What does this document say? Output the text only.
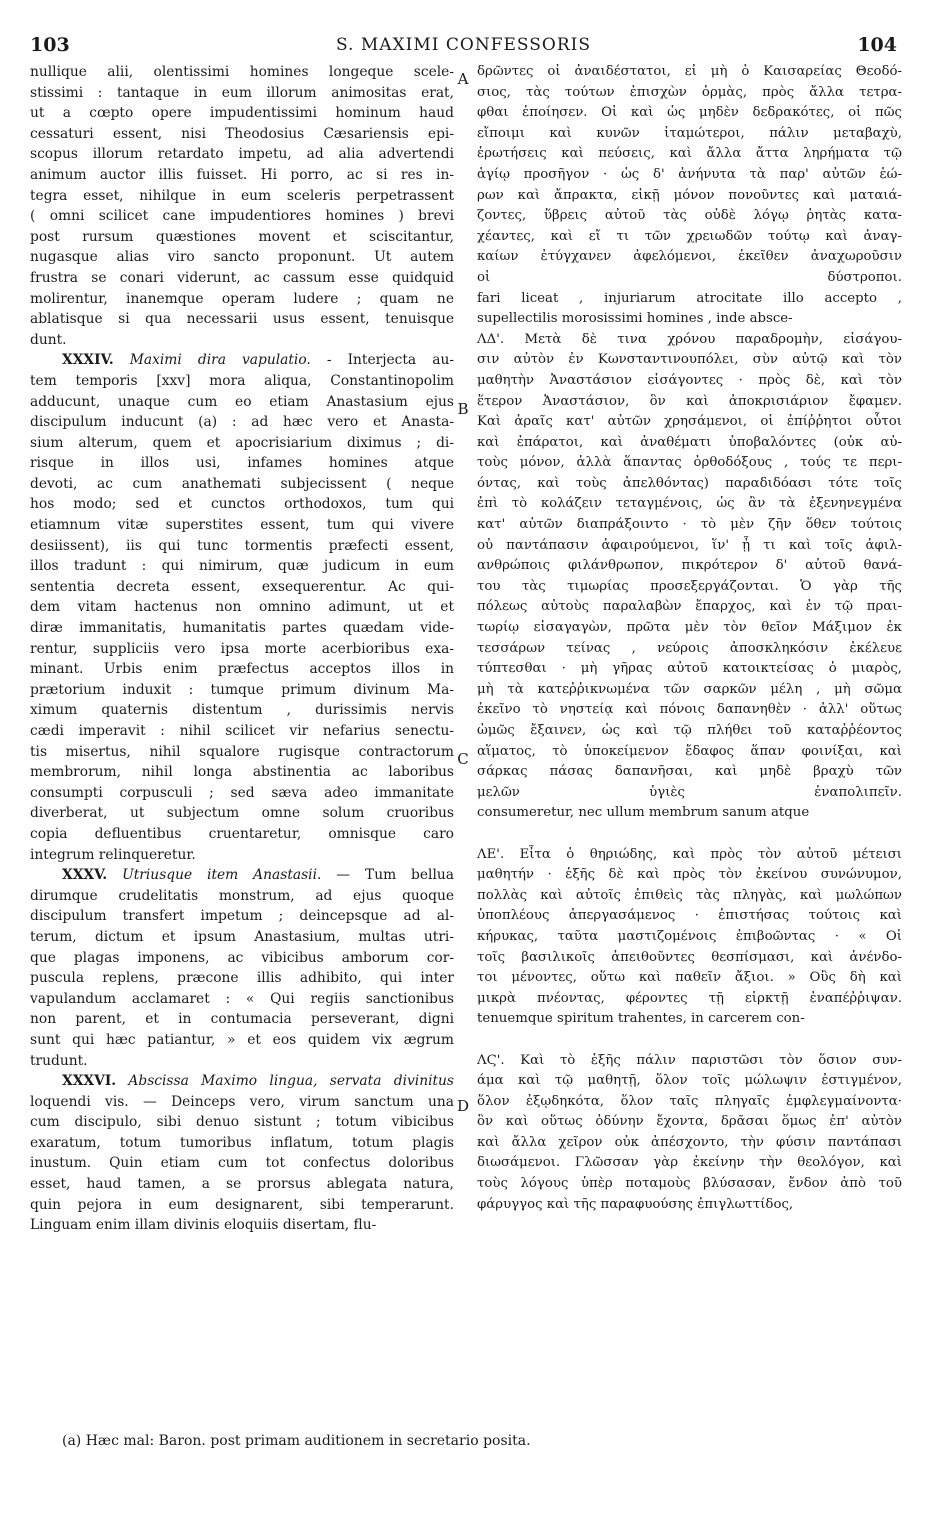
103	S. MAXIMI CONFESSORIS	104
A
B
C
D
nullique alii, olentissimi homines longeque scele-
stissimi : tantaque in eum illorum animositas erat,
ut a cœpto opere impudentissimi hominum haud
cessaturi essent, nisi Theodosius Cæsariensis epi-
scopus illorum retardato impetu, ad alia advertendi
animum auctor illis fuisset. Hi porro, ac si res in-
tegra esset, nihilque in eum sceleris perpetrassent
( omni scilicet cane impudentiores homines ) brevi
post rursum quæstiones movent et sciscitantur,
nugasque alias viro sancto proponunt. Ut autem
frustra se conari viderunt, ac cassum esse quidquid
molirentur, inanemque operam ludere ; quam ne
ablatisque si qua necessarii usus essent, tenuisque
dunt.
XXXIV. Maximi dira vapulatio. - Interjecta au-
tem temporis [xxv] mora aliqua, Constantinopolim
adducunt, unaque cum eo etiam Anastasium ejus
discipulum inducunt (a) : ad hæc vero et Anasta-
sium alterum, quem et apocrisiarium diximus ; di-
risque in illos usi, infames homines atque
devoti, ac cum anathemati subjecissent ( neque
hos modo; sed et cunctos orthodoxos, tum qui
etiamnum vitæ superstites essent, tum qui vivere
desiissent), iis qui tunc tormentis præfecti essent,
illos tradunt : qui nimirum, quæ judicum in eum
sententia decreta essent, exsequerentur. Ac qui-
dem vitam hactenus non omnino adimunt, ut et
diræ immanitatis, humanitatis partes quædam vide-
rentur, suppliciis vero ipsa morte acerbioribus exa-
minant. Urbis enim præfectus acceptos illos in
prætorium induxit : tumque primum divinum Ma-
ximum quaternis distentum , durissimis nervis
cædi imperavit : nihil scilicet vir nefarius senectu-
tis misertus, nihil squalore rugisque contractorum
membrorum, nihil longa abstinentia ac laboribus
consumpti corpusculi ; sed sæva adeo immanitate
diverberat, ut subjectum omne solum cruoribus
copia defluentibus cruentaretur, omnisque caro
integrum relinqueretur.
XXXV. Utriusque item Anastasii. — Tum bellua
dirumque crudelitatis monstrum, ad ejus quoque
discipulum transfert impetum ; deincepsque ad al-
terum, dictum et ipsum Anastasium, multas utri-
que plagas imponens, ac vibicibus amborum cor-
puscula replens, præcone illis adhibito, qui inter
vapulandum acclamaret : « Qui regiis sanctionibus
non parent, et in contumacia perseverant, digni
sunt qui hæc patiantur, » et eos quidem vix ægrum
trudunt.
XXXVI. Abscissa Maximo lingua, servata divinitus
loquendi vis. — Deinceps vero, virum sanctum una
cum discipulo, sibi denuo sistunt ; totum vibicibus
exaratum, totum tumoribus inflatum, totum plagis
inustum. Quin etiam cum tot confectus doloribus
esset, haud tamen, a se prorsus ablegata natura,
quin pejora in eum designarent, sibi temperarunt.
Linguam enim illam divinis eloquiis disertam, flu-
δρῶντες οἱ ἀναιδέστατοι, εἰ μὴ ὁ Καισαρείας Θεοδό-
σιος, τὰς τούτων ἐπισχὼν ὁρμὰς, πρὸς ἄλλα τετρα-
φθαι ἐποίησεν. Οἱ καὶ ὡς μηδὲν δεδρακότες, οἱ πῶς
εἴποιμι καὶ κυνῶν ἰταμώτεροι, πάλιν μεταβαχὺ,
ἐρωτήσεις καὶ πεύσεις, καὶ ἄλλα ἄττα ληρήματα τῷ
ἁγίῳ προσῆγον · ὡς δ' ἀνήνυτα τὰ παρ' αὐτῶν ἑώ-
ρων καὶ ἄπρακτα, εἰκῇ μόνον πονοῦντες καὶ ματαιά-
ζοντες, ὕβρεις αὐτοῦ τὰς οὐδὲ λόγῳ ῥητὰς κατα-
χέαντες, καὶ εἴ τι τῶν χρειωδῶν τούτῳ καὶ ἀναγ-
καίων ἐτύγχανεν ἀφελόμενοι, ἐκεῖθεν ἀναχωροῦσιν
οἱ δύστροποι.
fari liceat , injuriarum atrocitate illo accepto ,
supellectilis morosissimi homines , inde absce-
ΛΔ'. Μετὰ δὲ τινα χρόνου παραδρομὴν, εἰσάγου-
σιν αὐτὸν ἐν Κωνσταντινουπόλει, σὺν αὐτῷ καὶ τὸν
μαθητὴν Ἀναστάσιον εἰσάγοντες · πρὸς δὲ, καὶ τὸν
ἕτερον Ἀναστάσιον, ὃν καὶ ἀποκρισιάριον ἔφαμεν.
Καὶ ἀραῖς κατ' αὐτῶν χρησάμενοι, οἱ ἐπίῤῥητοι οὗτοι
καὶ ἐπάρατοι, καὶ ἀναθέματι ὑποβαλόντες (οὐκ αὐ-
τοὺς μόνον, ἀλλὰ ἅπαντας ὀρθοδόξους , τούς τε περι-
όντας, καὶ τοὺς ἀπελθόντας) παραδιδόασι τότε τοῖς
ἐπὶ τὸ κολάζειν τεταγμένοις, ὡς ἂν τὰ ἐξενηνεγμένα
κατ' αὐτῶν διαπράξοιντο · τὸ μὲν ζῆν ὅθεν τούτοις
οὐ παντάπασιν ἀφαιρούμενοι, ἵν' ᾖ τι καὶ τοῖς ἀφιλ-
ανθρώποις φιλάνθρωπον, πικρότερον δ' αὐτοῦ θανά-
του τὰς τιμωρίας προσεξεργάζονται. Ὁ γὰρ τῆς
πόλεως αὐτοὺς παραλαβὼν ἔπαρχος, καὶ ἐν τῷ πραι-
τωρίῳ εἰσαγαγὼν, πρῶτα μὲν τὸν θεῖον Μάξιμον ἐκ
τεσσάρων τείνας , νεύροις ἀποσκληκόσιν ἐκέλευε
τύπτεσθαι · μὴ γῆρας αὐτοῦ κατοικτείσας ὁ μιαρὸς,
μὴ τὰ κατεῤῥικνωμένα τῶν σαρκῶν μέλη , μὴ σῶμα
ἐκεῖνο τὸ νηστείᾳ καὶ πόνοις δαπανηθὲν · ἀλλ' οὕτως
ὠμῶς ἔξαινεν, ὡς καὶ τῷ πλήθει τοῦ καταῤῥέοντος
αἵματος, τὸ ὑποκείμενον ἔδαφος ἅπαν φοινίξαι, καὶ
σάρκας πάσας δαπανῆσαι, καὶ μηδὲ βραχὺ τῶν
μελῶν ὑγιὲς ἐναπολιπεῖν.
consumeretur, nec ullum membrum sanum atque
ΛΕ'. Εἶτα ὁ θηριώδης, καὶ πρὸς τὸν αὐτοῦ μέτεισι
μαθητήν · ἑξῆς δὲ καὶ πρὸς τὸν ἐκείνου συνώνυμον,
πολλὰς καὶ αὐτοῖς ἐπιθεὶς τὰς πληγὰς, καὶ μωλώπων
ὑποπλέους ἀπεργασάμενος · ἐπιστήσας τούτοις καὶ
κήρυκας, ταῦτα μαστιζομένοις ἐπιβοῶντας · « Οἱ
τοῖς βασιλικοῖς ἀπειθοῦντες θεσπίσμασι, καὶ ἀνένδο-
τοι μένοντες, οὕτω καὶ παθεῖν ἄξιοι. » Οὓς δὴ καὶ
μικρὰ πνέοντας, φέροντες τῇ εἱρκτῇ ἐναπέῤῥιψαν.
tenuemque spiritum trahentes, in carcerem con-
ΛϚ'. Καὶ τὸ ἑξῆς πάλιν παριστῶσι τὸν ὅσιον συν-
άμα καὶ τῷ μαθητῇ, ὅλον τοῖς μώλωψιν ἐστιγμένον,
ὅλον ἐξῳδηκότα, ὅλον ταῖς πληγαῖς ἐμφλεγμαίνοντα·
ὃν καὶ οὕτως ὀδύνην ἔχοντα, δρᾶσαι ὅμως ἐπ' αὐτὸν
καὶ ἄλλα χεῖρον οὐκ ἀπέσχοντο, τὴν φύσιν παντάπασι
διωσάμενοι. Γλῶσσαν γὰρ ἐκείνην τὴν θεολόγον, καὶ
τοὺς λόγους ὑπὲρ ποταμοὺς βλύσασαν, ἔνδον ἀπὸ τοῦ
φάρυγγος καὶ τῆς παραφυούσης ἐπιγλωττίδος,
(a) Hæc mal: Baron. post primam auditionem in secretario posita.
